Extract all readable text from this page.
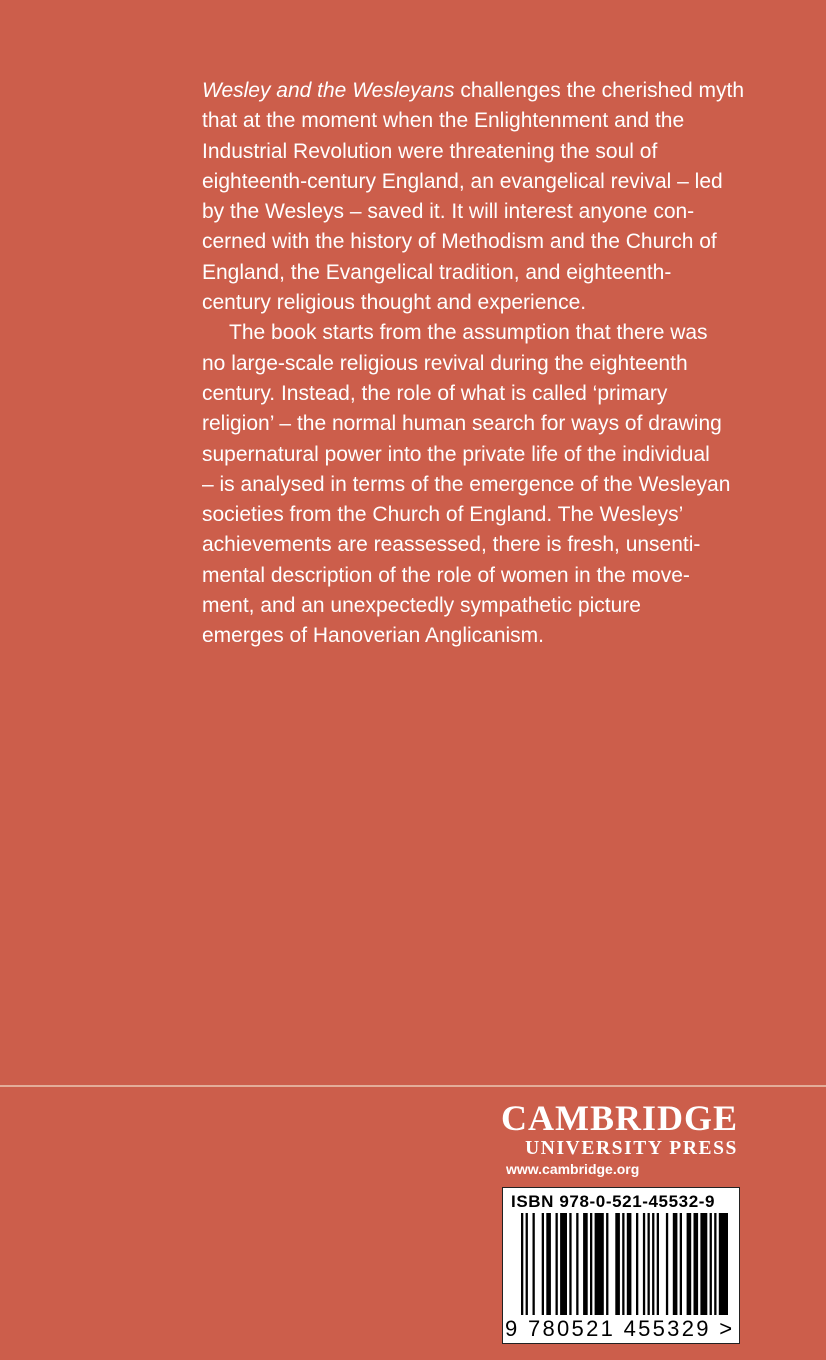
Wesley and the Wesleyans challenges the cherished myth
that at the moment when the Enlightenment and the
Industrial Revolution were threatening the soul of
eighteenth-century England, an evangelical revival – led
by the Wesleys – saved it. It will interest anyone con-
cerned with the history of Methodism and the Church of
England, the Evangelical tradition, and eighteenth-
century religious thought and experience.

The book starts from the assumption that there was
no large-scale religious revival during the eighteenth
century. Instead, the role of what is called ‘primary
religion’ – the normal human search for ways of drawing
supernatural power into the private life of the individual
– is analysed in terms of the emergence of the Wesleyan
societies from the Church of England. The Wesleys’
achievements are reassessed, there is fresh, unsenti-
mental description of the role of women in the move-
ment, and an unexpectedly sympathetic picture
emerges of Hanoverian Anglicanism.

CAMBRIDGE
UNIVERSITY PRESS
www.cambridge.org
ISBN 978-0-521-45532-9
9 780521 455329 >
